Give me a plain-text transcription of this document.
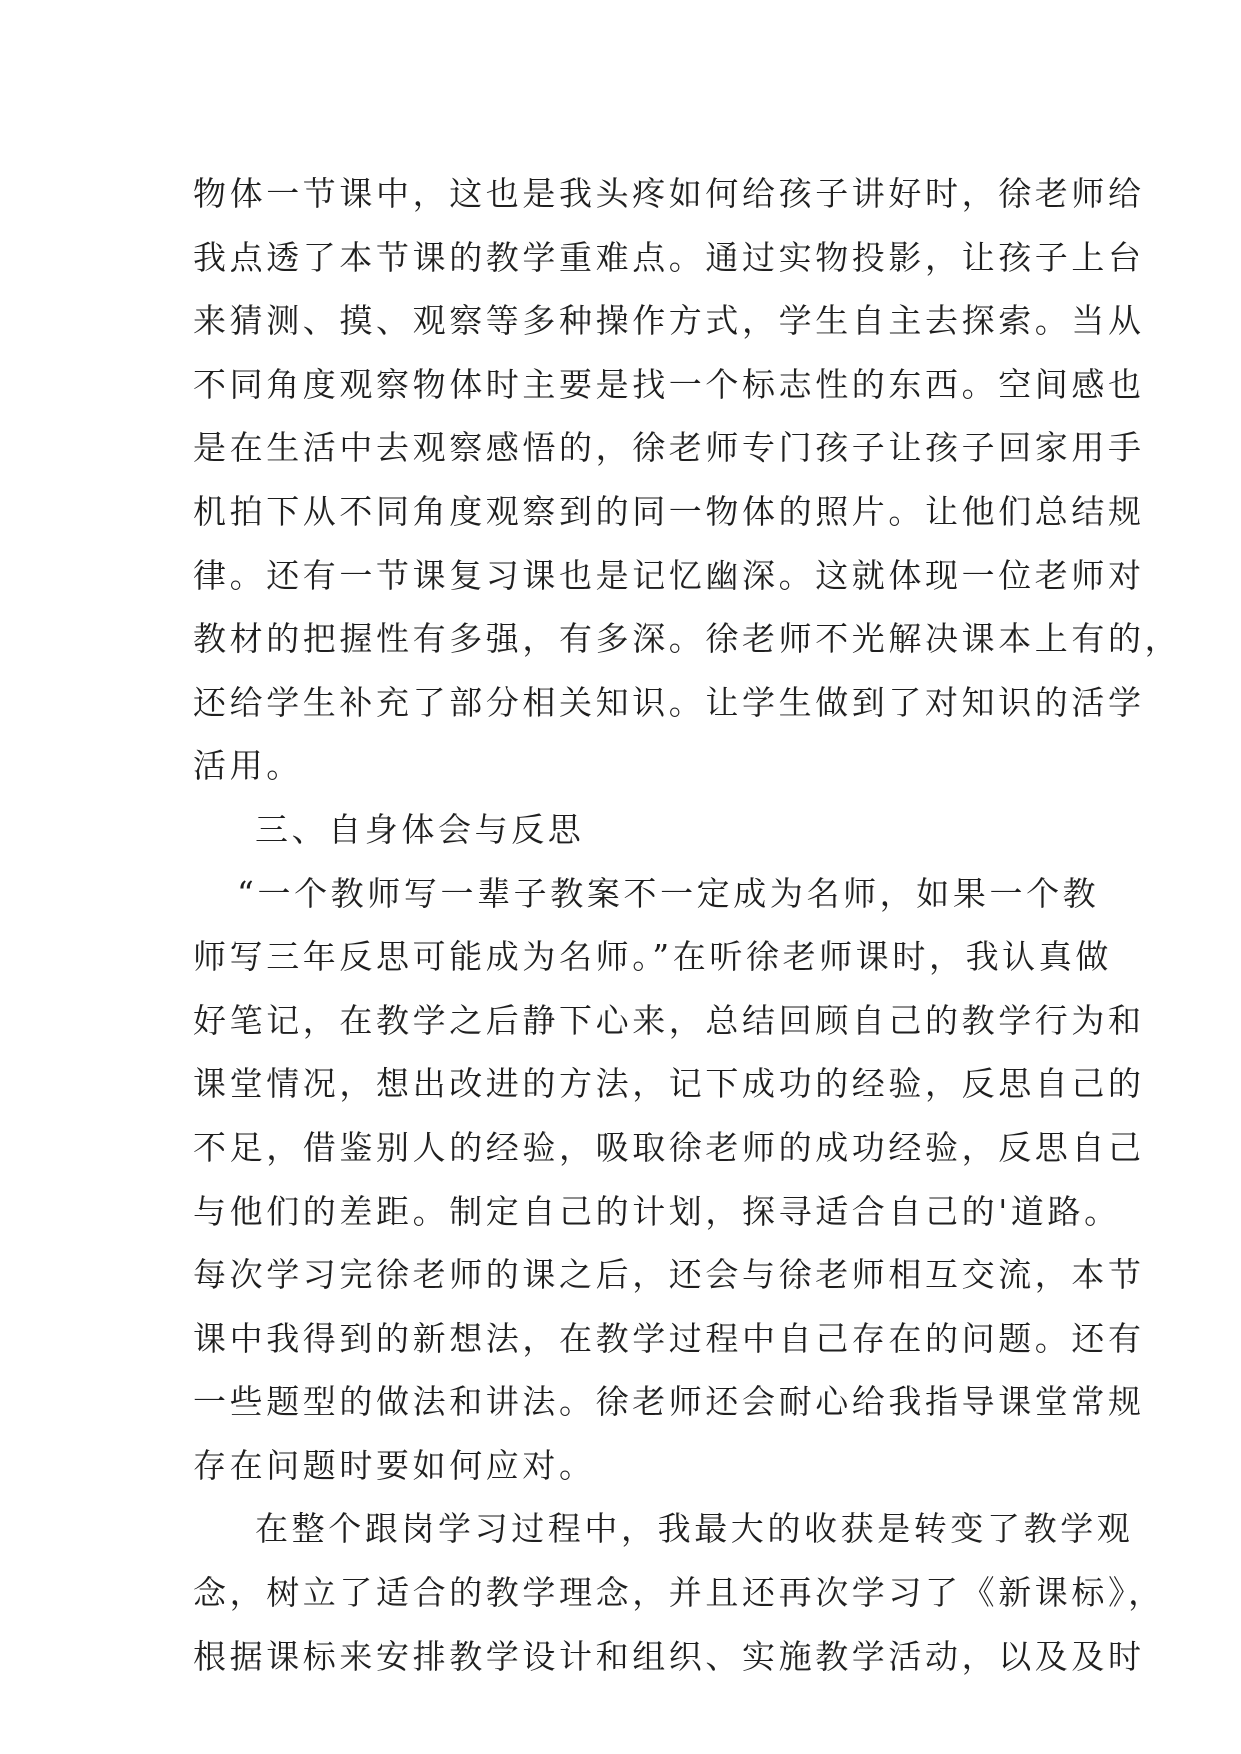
物体一节课中，这也是我头疼如何给孩子讲好时，徐老师给
我点透了本节课的教学重难点。通过实物投影，让孩子上台
来猜测、摸、观察等多种操作方式，学生自主去探索。当从
不同角度观察物体时主要是找一个标志性的东西。空间感也
是在生活中去观察感悟的，徐老师专门孩子让孩子回家用手
机拍下从不同角度观察到的同一物体的照片。让他们总结规
律。还有一节课复习课也是记忆幽深。这就体现一位老师对
教材的把握性有多强，有多深。徐老师不光解决课本上有的，
还给学生补充了部分相关知识。让学生做到了对知识的活学
活用。
三、自身体会与反思
“一个教师写一辈子教案不一定成为名师，如果一个教
师写三年反思可能成为名师。”在听徐老师课时，我认真做
好笔记，在教学之后静下心来，总结回顾自己的教学行为和
课堂情况，想出改进的方法，记下成功的经验，反思自己的
不足，借鉴别人的经验，吸取徐老师的成功经验，反思自己
与他们的差距。制定自己的计划，探寻适合自己的'道路。
每次学习完徐老师的课之后，还会与徐老师相互交流，本节
课中我得到的新想法，在教学过程中自己存在的问题。还有
一些题型的做法和讲法。徐老师还会耐心给我指导课堂常规
存在问题时要如何应对。
在整个跟岗学习过程中，我最大的收获是转变了教学观
念，树立了适合的教学理念，并且还再次学习了《新课标》，
根据课标来安排教学设计和组织、实施教学活动，以及及时
